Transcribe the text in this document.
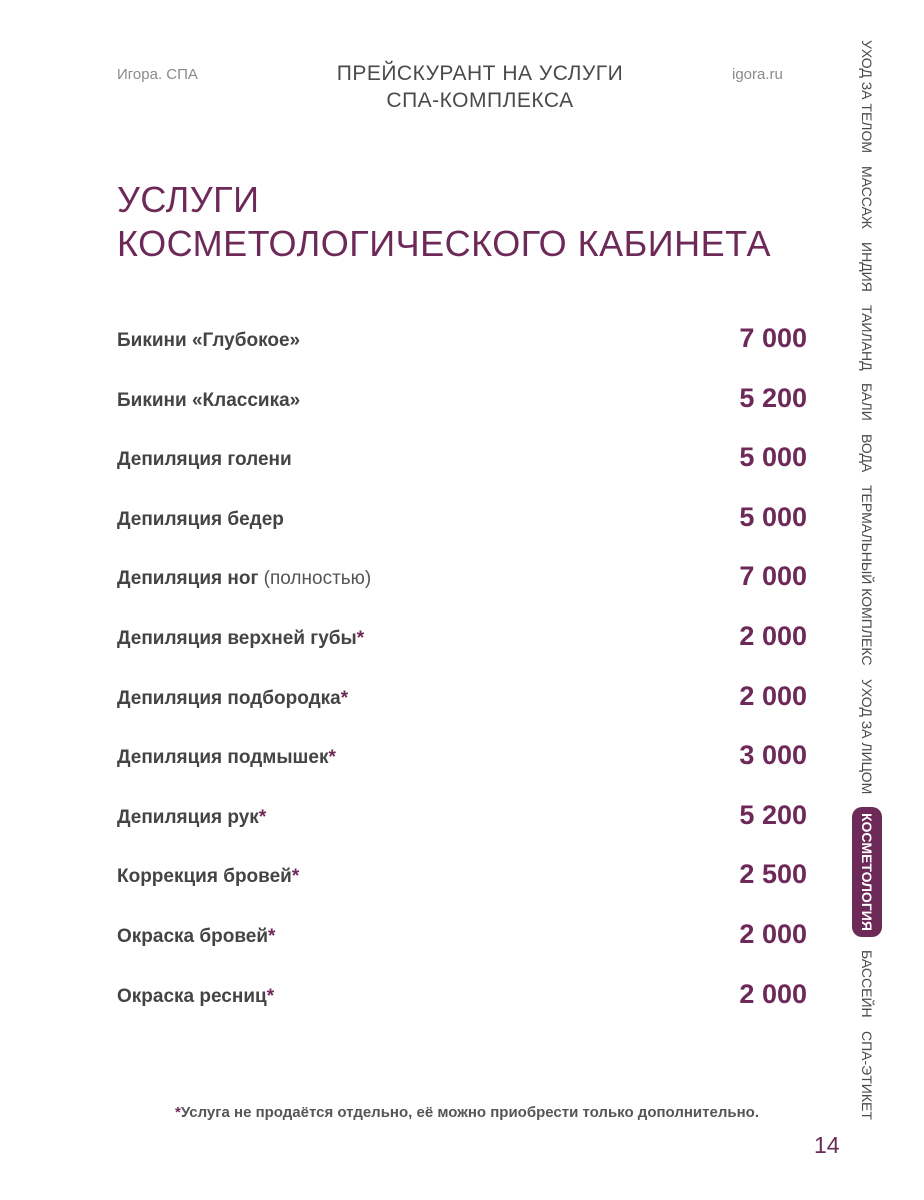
Игора. СПА	ПРЕЙСКУРАНТ НА УСЛУГИ
СПА-КОМПЛЕКСА
igora.ru
УСЛУГИ
КОСМЕТОЛОГИЧЕСКОГО КАБИНЕТА
Бикини «Глубокое»	7 000
Бикини «Классика»	5 200
Депиляция голени	5 000
Депиляция бедер	5 000
Депиляция ног (полностью)	7 000
Депиляция верхней губы*	2 000
Депиляция подбородка*	2 000
Депиляция подмышек*	3 000
Депиляция рук*	5 200
Коррекция бровей*	2 500
Окраска бровей*	2 000
Окраска ресниц*	2 000
*Услуга не продаётся отдельно, её можно приобрести только дополнительно.
14
УХОД ЗА ТЕЛОММАССАЖИНДИЯТАИЛАНДБАЛИВОДАТЕРМАЛЬНЫЙ КОМПЛЕКСУХОД ЗА ЛИЦОМКОСМЕТОЛОГИЯБАССЕЙНСПА-ЭТИКЕТ
